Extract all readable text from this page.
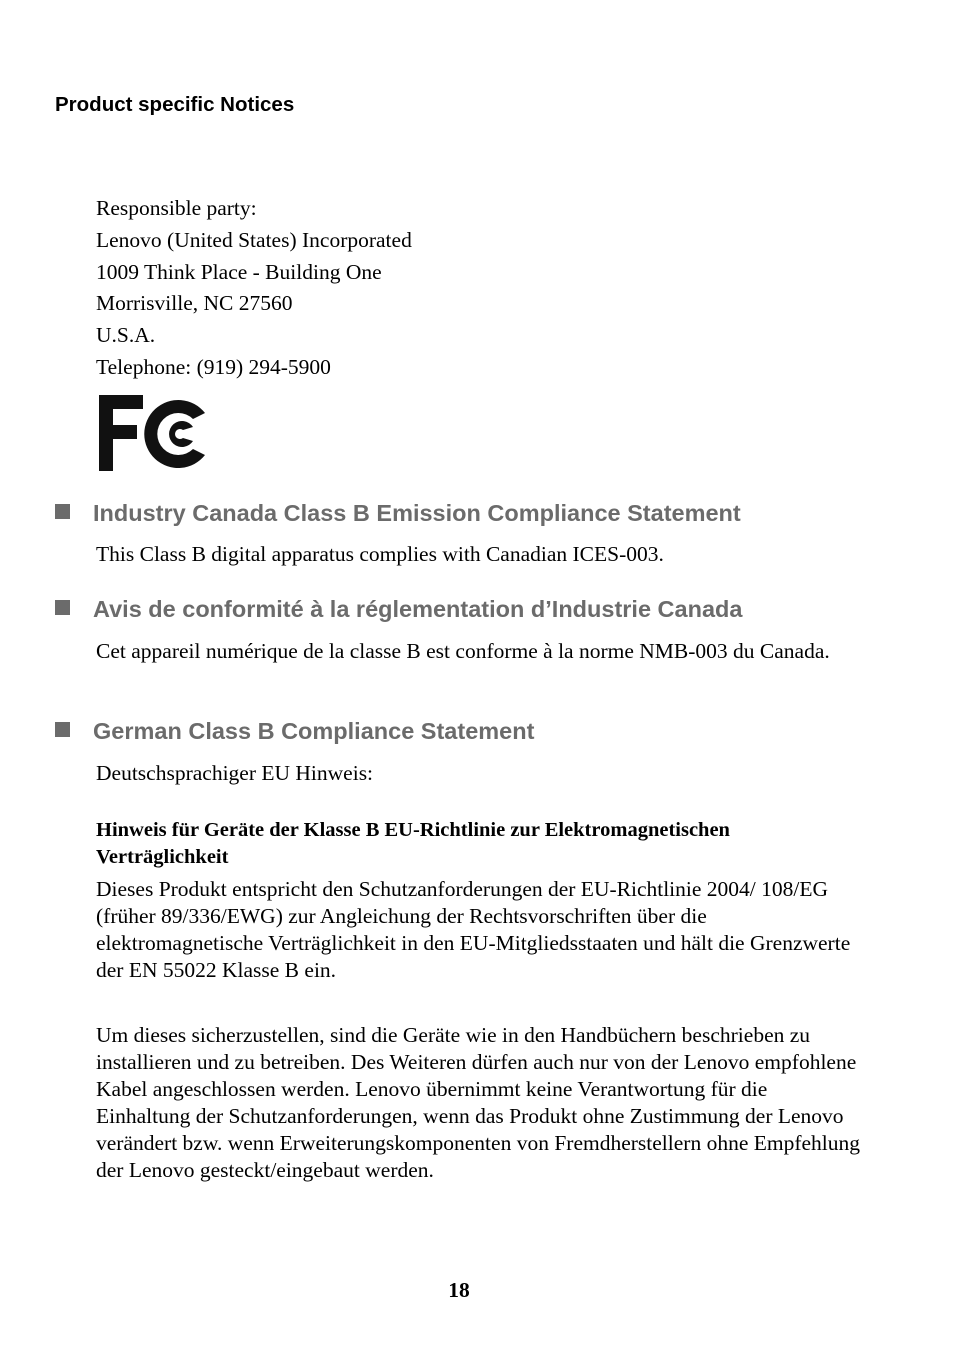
Product specific Notices
Responsible party:
Lenovo (United States) Incorporated
1009 Think Place - Building One
Morrisville, NC 27560
U.S.A.
Telephone: (919) 294-5900
Industry Canada Class B Emission Compliance Statement
This Class B digital apparatus complies with Canadian ICES-003.
Avis de conformité à la réglementation d’Industrie Canada
Cet appareil numérique de la classe B est conforme à la norme NMB-003 du Canada.
German Class B Compliance Statement
Deutschsprachiger EU Hinweis:
Hinweis für Geräte der Klasse B EU-Richtlinie zur Elektromagnetischen Verträglichkeit
Dieses Produkt entspricht den Schutzanforderungen der EU-Richtlinie 2004/ 108/EG (früher 89/336/EWG) zur Angleichung der Rechtsvorschriften über die elektromagnetische Verträglichkeit in den EU-Mitgliedsstaaten und hält die Grenzwerte der EN 55022 Klasse B ein.
Um dieses sicherzustellen, sind die Geräte wie in den Handbüchern beschrieben zu installieren und zu betreiben. Des Weiteren dürfen auch nur von der Lenovo empfohlene Kabel angeschlossen werden. Lenovo übernimmt keine Verantwortung für die Einhaltung der Schutzanforderungen, wenn das Produkt ohne Zustimmung der Lenovo verändert bzw. wenn Erweiterungskomponenten von Fremdherstellern ohne Empfehlung der Lenovo gesteckt/eingebaut werden.
18
